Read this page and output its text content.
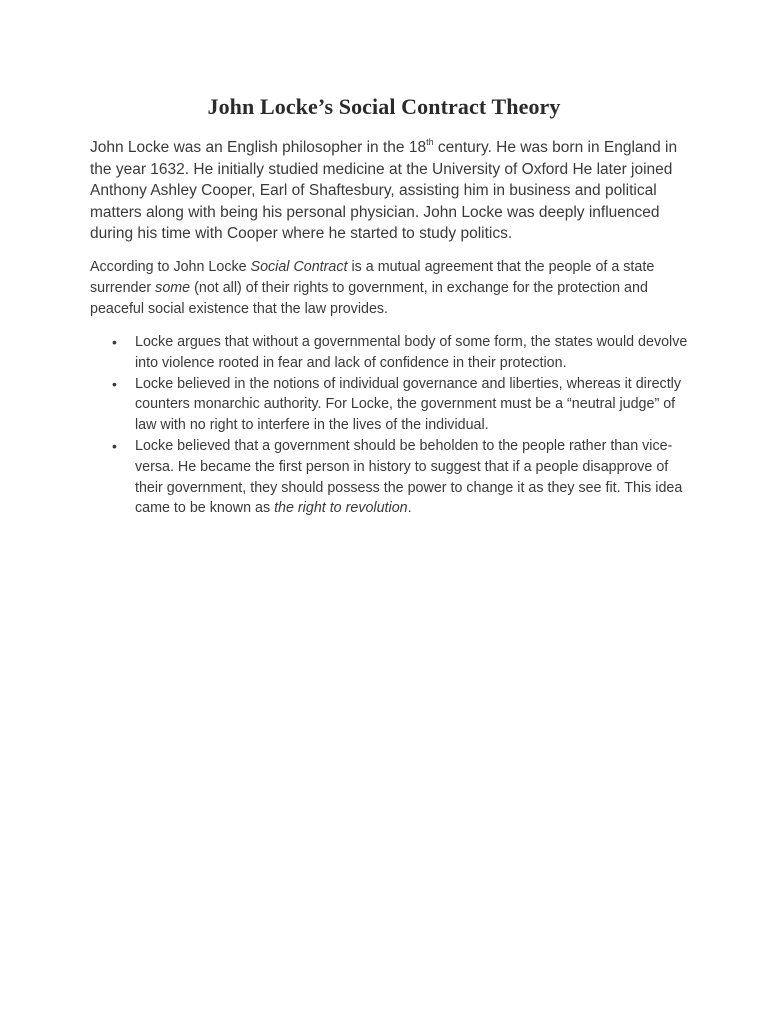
John Locke’s Social Contract Theory

John Locke was an English philosopher in the 18th century. He was born in England in the year 1632. He initially studied medicine at the University of Oxford He later joined Anthony Ashley Cooper, Earl of Shaftesbury, assisting him in business and political matters along with being his personal physician. John Locke was deeply influenced during his time with Cooper where he started to study politics.

According to John Locke Social Contract is a mutual agreement that the people of a state surrender some (not all) of their rights to government, in exchange for the protection and peaceful social existence that the law provides.

• Locke argues that without a governmental body of some form, the states would devolve into violence rooted in fear and lack of confidence in their protection.
• Locke believed in the notions of individual governance and liberties, whereas it directly counters monarchic authority. For Locke, the government must be a “neutral judge” of law with no right to interfere in the lives of the individual.
• Locke believed that a government should be beholden to the people rather than vice-versa. He became the first person in history to suggest that if a people disapprove of their government, they should possess the power to change it as they see fit. This idea came to be known as the right to revolution.
